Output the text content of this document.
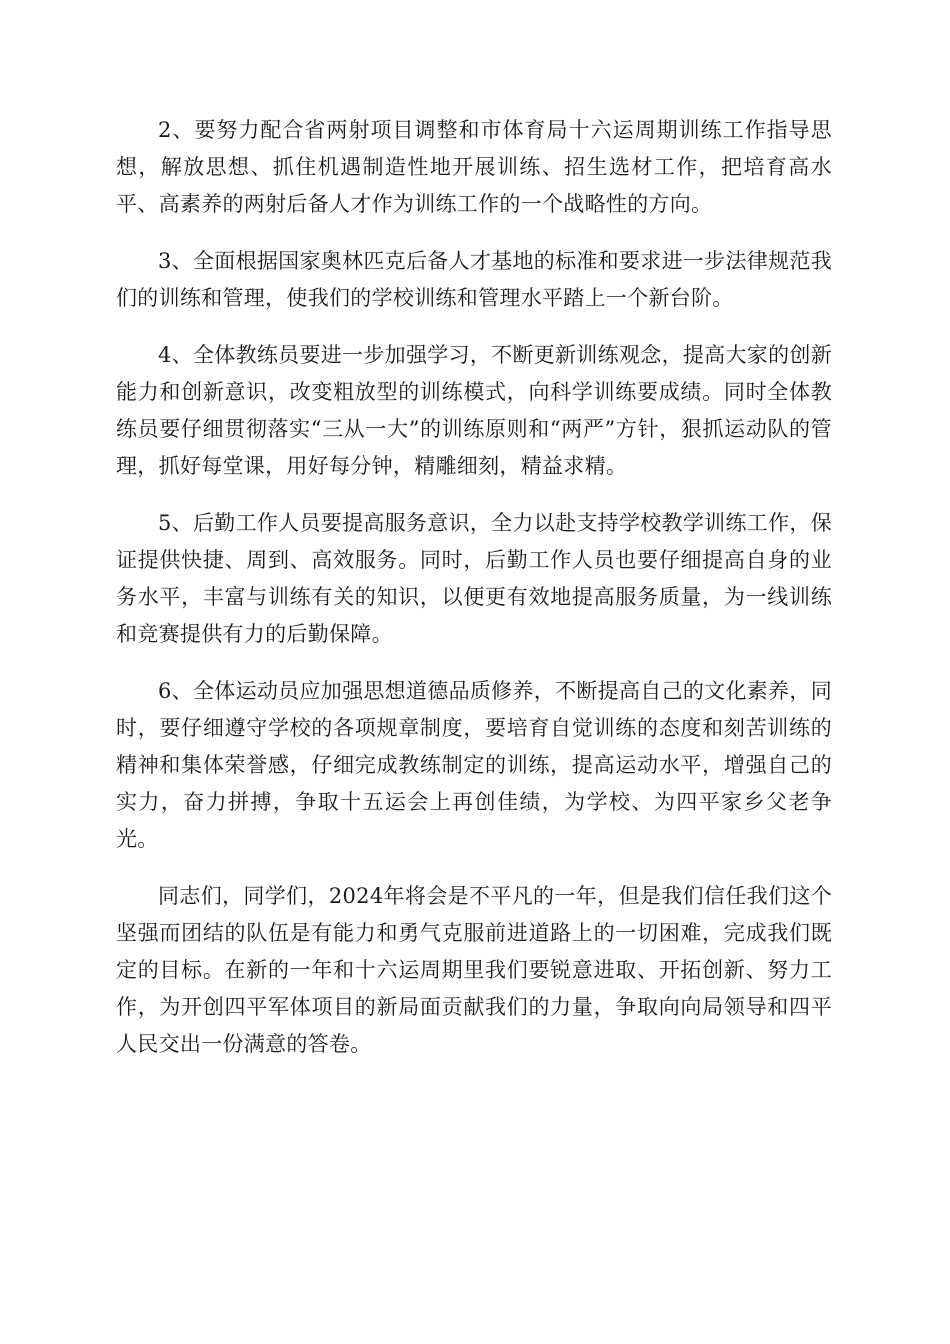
2、要努力配合省两射项目调整和市体育局十六运周期训练工作指导思想，解放思想、抓住机遇制造性地开展训练、招生选材工作，把培育高水平、高素养的两射后备人才作为训练工作的一个战略性的方向。

3、全面根据国家奥林匹克后备人才基地的标准和要求进一步法律规范我们的训练和管理，使我们的学校训练和管理水平踏上一个新台阶。

4、全体教练员要进一步加强学习，不断更新训练观念，提高大家的创新能力和创新意识，改变粗放型的训练模式，向科学训练要成绩。同时全体教练员要仔细贯彻落实“三从一大”的训练原则和“两严”方针，狠抓运动队的管理，抓好每堂课，用好每分钟，精雕细刻，精益求精。

5、后勤工作人员要提高服务意识，全力以赴支持学校教学训练工作，保证提供快捷、周到、高效服务。同时，后勤工作人员也要仔细提高自身的业务水平，丰富与训练有关的知识，以便更有效地提高服务质量，为一线训练和竞赛提供有力的后勤保障。

6、全体运动员应加强思想道德品质修养，不断提高自己的文化素养，同时，要仔细遵守学校的各项规章制度，要培育自觉训练的态度和刻苦训练的精神和集体荣誉感，仔细完成教练制定的训练，提高运动水平，增强自己的实力，奋力拼搏，争取十五运会上再创佳绩，为学校、为四平家乡父老争光。

同志们，同学们，2024年将会是不平凡的一年，但是我们信任我们这个坚强而团结的队伍是有能力和勇气克服前进道路上的一切困难，完成我们既定的目标。在新的一年和十六运周期里我们要锐意进取、开拓创新、努力工作，为开创四平军体项目的新局面贡献我们的力量，争取向向局领导和四平人民交出一份满意的答卷。
